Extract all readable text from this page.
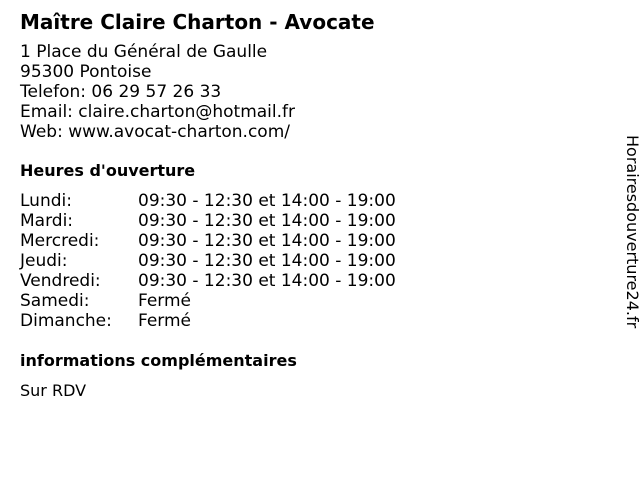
Maître Claire Charton - Avocate
1 Place du Général de Gaulle
95300 Pontoise
Telefon: 06 29 57 26 33
Email: claire.charton@hotmail.fr
Web: www.avocat-charton.com/
Heures d'ouverture
Lundi:	09:30 - 12:30 et 14:00 - 19:00
Mardi:	09:30 - 12:30 et 14:00 - 19:00
Mercredi:	09:30 - 12:30 et 14:00 - 19:00
Jeudi:	09:30 - 12:30 et 14:00 - 19:00
Vendredi:	09:30 - 12:30 et 14:00 - 19:00
Samedi:	Fermé
Dimanche:	Fermé
informations complémentaires
Sur RDV
Horairesdouverture24.fr
